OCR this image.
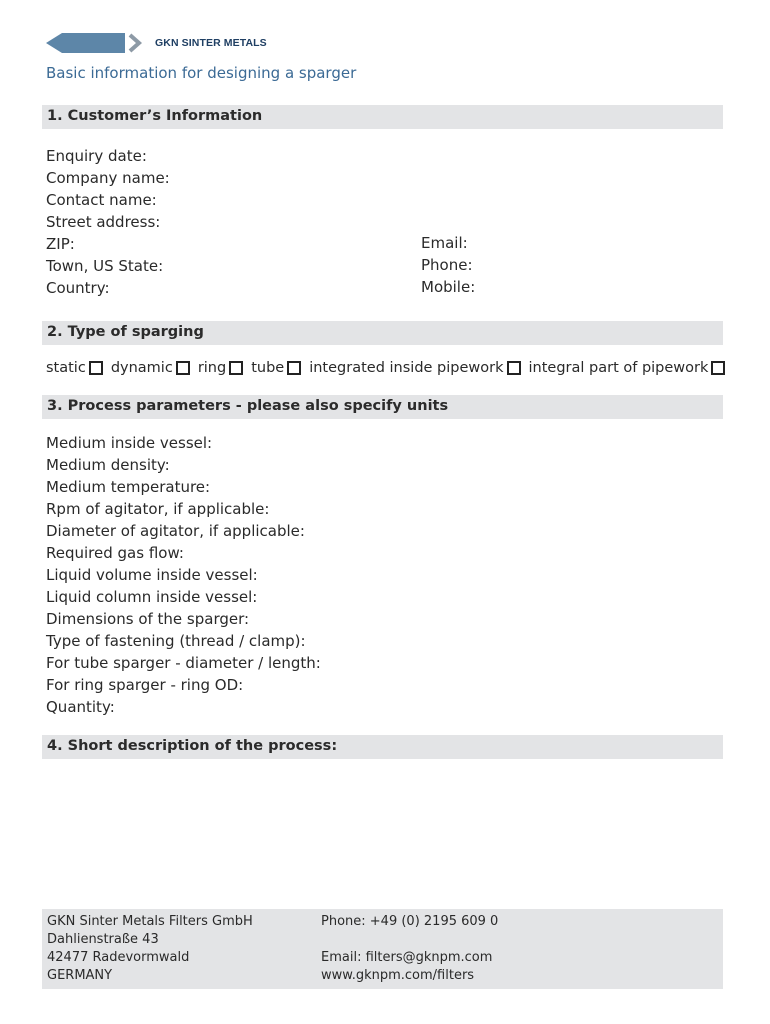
GKN SINTER METALS
Basic information for designing a sparger
1. Customer’s Information
Enquiry date:
Company name:
Contact name:
Street address:
ZIP:
Town, US State:
Country:
Email:
Phone:
Mobile:
2. Type of sparging
static dynamic ring tube integrated inside pipework integral part of pipework
3. Process parameters - please also specify units
Medium inside vessel:
Medium density:
Medium temperature:
Rpm of agitator, if applicable:
Diameter of agitator, if applicable:
Required gas flow:
Liquid volume inside vessel:
Liquid column inside vessel:
Dimensions of the sparger:
Type of fastening (thread / clamp):
For tube sparger - diameter / length:
For ring sparger - ring OD:
Quantity:
4. Short description of the process:
GKN Sinter Metals Filters GmbH
Dahlienstraße 43
42477 Radevormwald
GERMANY
Phone: +49 (0) 2195 609 0
Email: filters@gknpm.com
www.gknpm.com/filters
